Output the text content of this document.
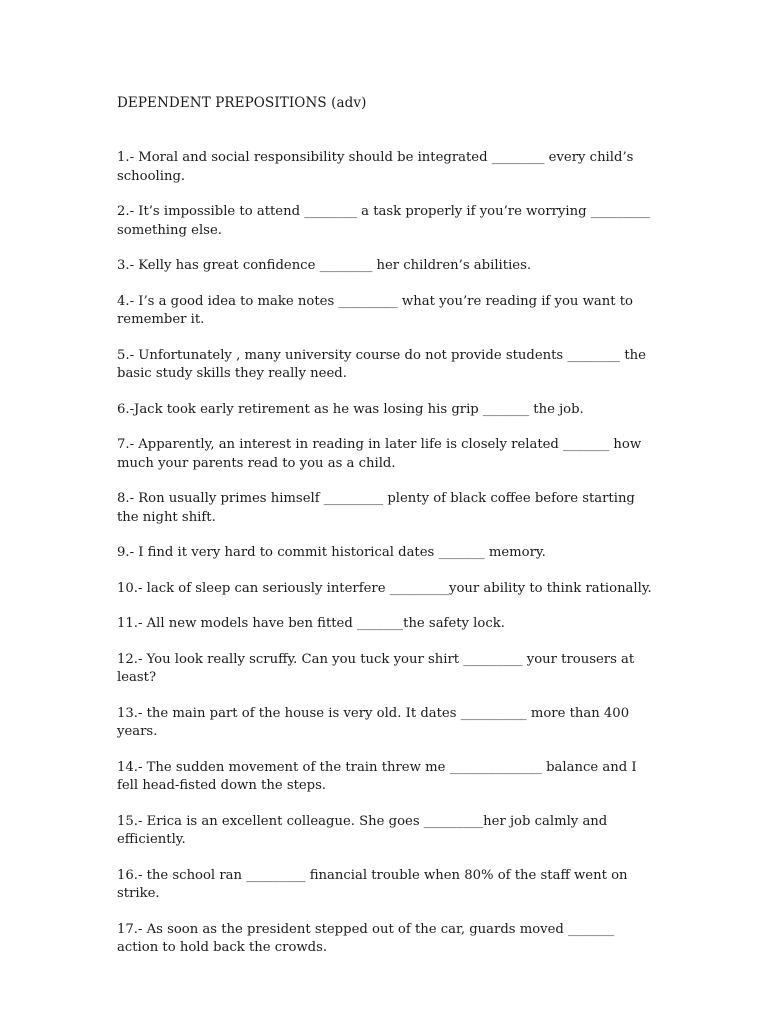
DEPENDENT PREPOSITIONS (adv)

1.- Moral and social responsibility should be integrated ________ every child’s schooling.

2.- It’s impossible to attend ________ a task properly if you’re worrying _________ something else.

3.- Kelly has great confidence ________ her children’s abilities.

4.- I’s a good idea to make notes _________ what you’re reading if you want to remember it.

5.- Unfortunately , many university course do not provide students ________ the basic study skills they really need.

6.-Jack took early retirement as he was losing his grip _______ the job.

7.- Apparently, an interest in reading in later life is closely related _______ how much your parents read to you as a child.

8.- Ron usually primes himself _________ plenty of black coffee before starting the night shift.

9.- I find it very hard to commit historical dates _______ memory.

10.- lack of sleep can seriously interfere _________your ability to think rationally.

11.- All new models have ben fitted _______the safety lock.

12.- You look really scruffy. Can you tuck your shirt _________ your trousers at least?

13.- the main part of the house is very old. It dates __________ more than 400 years.

14.- The sudden movement of the train threw me ______________ balance and I fell head-fisted down the steps.

15.- Erica is an excellent colleague. She goes _________her job calmly and efficiently.

16.- the school ran _________ financial trouble when 80% of the staff went on strike.

17.- As soon as the president stepped out of the car, guards moved _______ action to hold back the crowds.
